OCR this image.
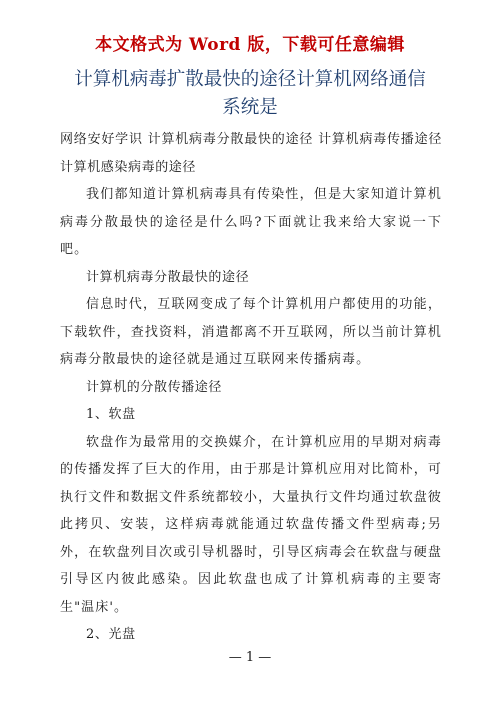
本文格式为 Word 版，下载可任意编辑
计算机病毒扩散最快的途径计算机网络通信系统是

网络安好学识 计算机病毒分散最快的途径 计算机病毒传播途径 计算机感染病毒的途径

我们都知道计算机病毒具有传染性，但是大家知道计算机病毒分散最快的途径是什么吗?下面就让我来给大家说一下吧。

计算机病毒分散最快的途径

信息时代，互联网变成了每个计算机用户都使用的功能，下载软件，查找资料，消遣都离不开互联网，所以当前计算机病毒分散最快的途径就是通过互联网来传播病毒。

计算机的分散传播途径

1、软盘

软盘作为最常用的交换媒介，在计算机应用的早期对病毒的传播发挥了巨大的作用，由于那是计算机应用对比简朴，可执行文件和数据文件系统都较小，大量执行文件均通过软盘彼此拷贝、安装，这样病毒就能通过软盘传播文件型病毒;另外，在软盘列目次或引导机器时，引导区病毒会在软盘与硬盘引导区内彼此感染。因此软盘也成了计算机病毒的主要寄生"温床'。

2、光盘

— 1 —
